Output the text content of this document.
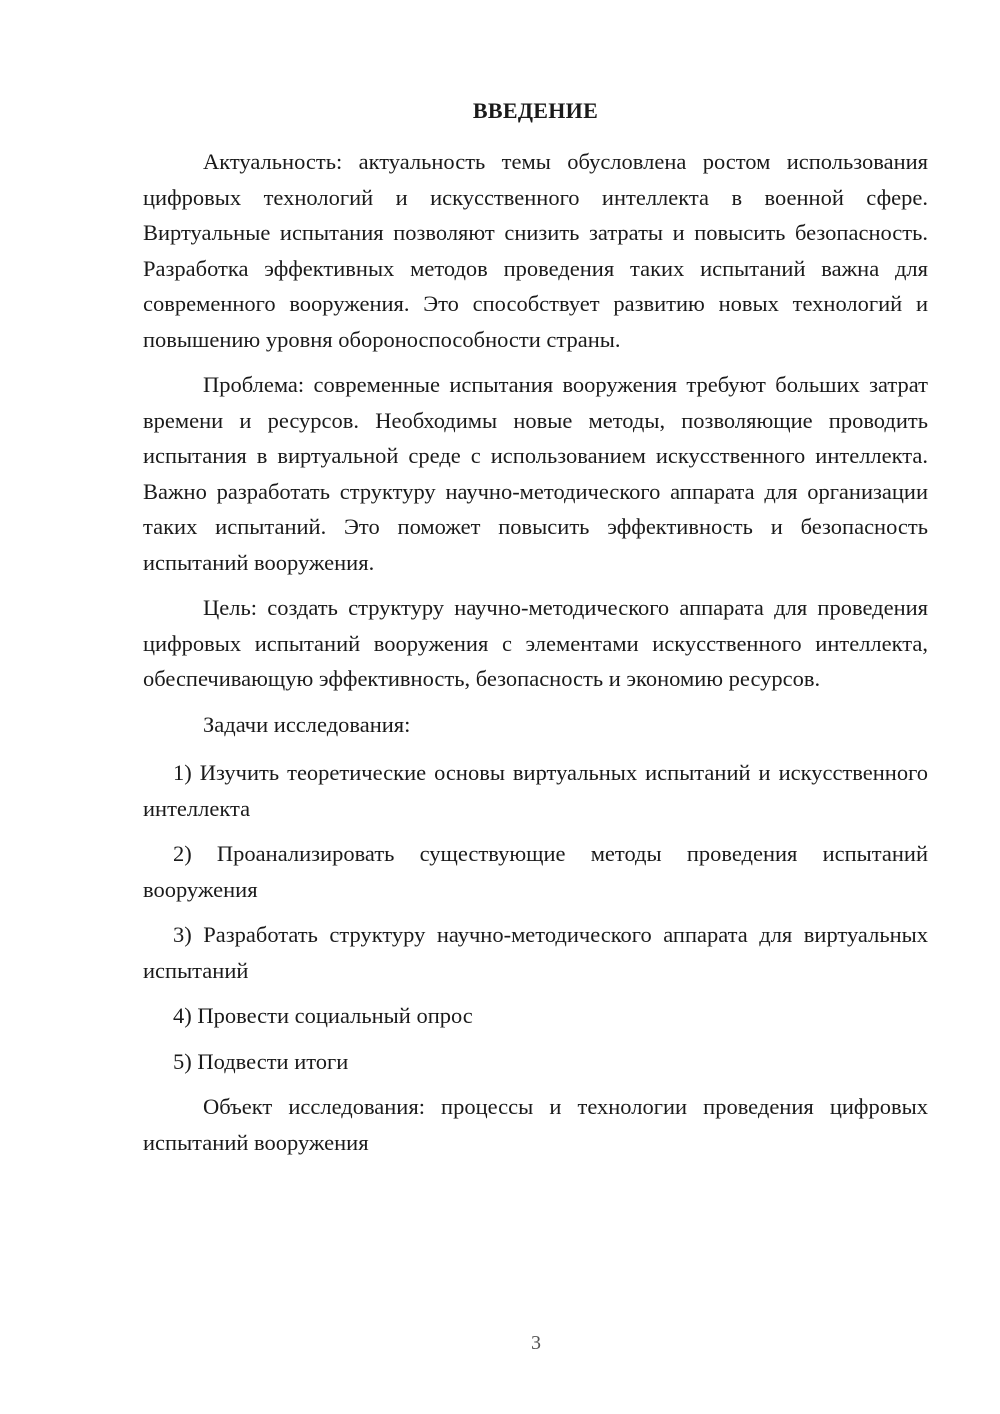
ВВЕДЕНИЕ

Актуальность: актуальность темы обусловлена ростом использования цифровых технологий и искусственного интеллекта в военной сфере. Виртуальные испытания позволяют снизить затраты и повысить безопасность. Разработка эффективных методов проведения таких испытаний важна для современного вооружения. Это способствует развитию новых технологий и повышению уровня обороноспособности страны.

Проблема: современные испытания вооружения требуют больших затрат времени и ресурсов. Необходимы новые методы, позволяющие проводить испытания в виртуальной среде с использованием искусственного интеллекта. Важно разработать структуру научно-методического аппарата для организации таких испытаний. Это поможет повысить эффективность и безопасность испытаний вооружения.

Цель: создать структуру научно-методического аппарата для проведения цифровых испытаний вооружения с элементами искусственного интеллекта, обеспечивающую эффективность, безопасность и экономию ресурсов.

Задачи исследования:

1) Изучить теоретические основы виртуальных испытаний и искусственного интеллекта

2) Проанализировать существующие методы проведения испытаний вооружения

3) Разработать структуру научно-методического аппарата для виртуальных испытаний

4) Провести социальный опрос

5) Подвести итоги

Объект исследования: процессы и технологии проведения цифровых испытаний вооружения

3
